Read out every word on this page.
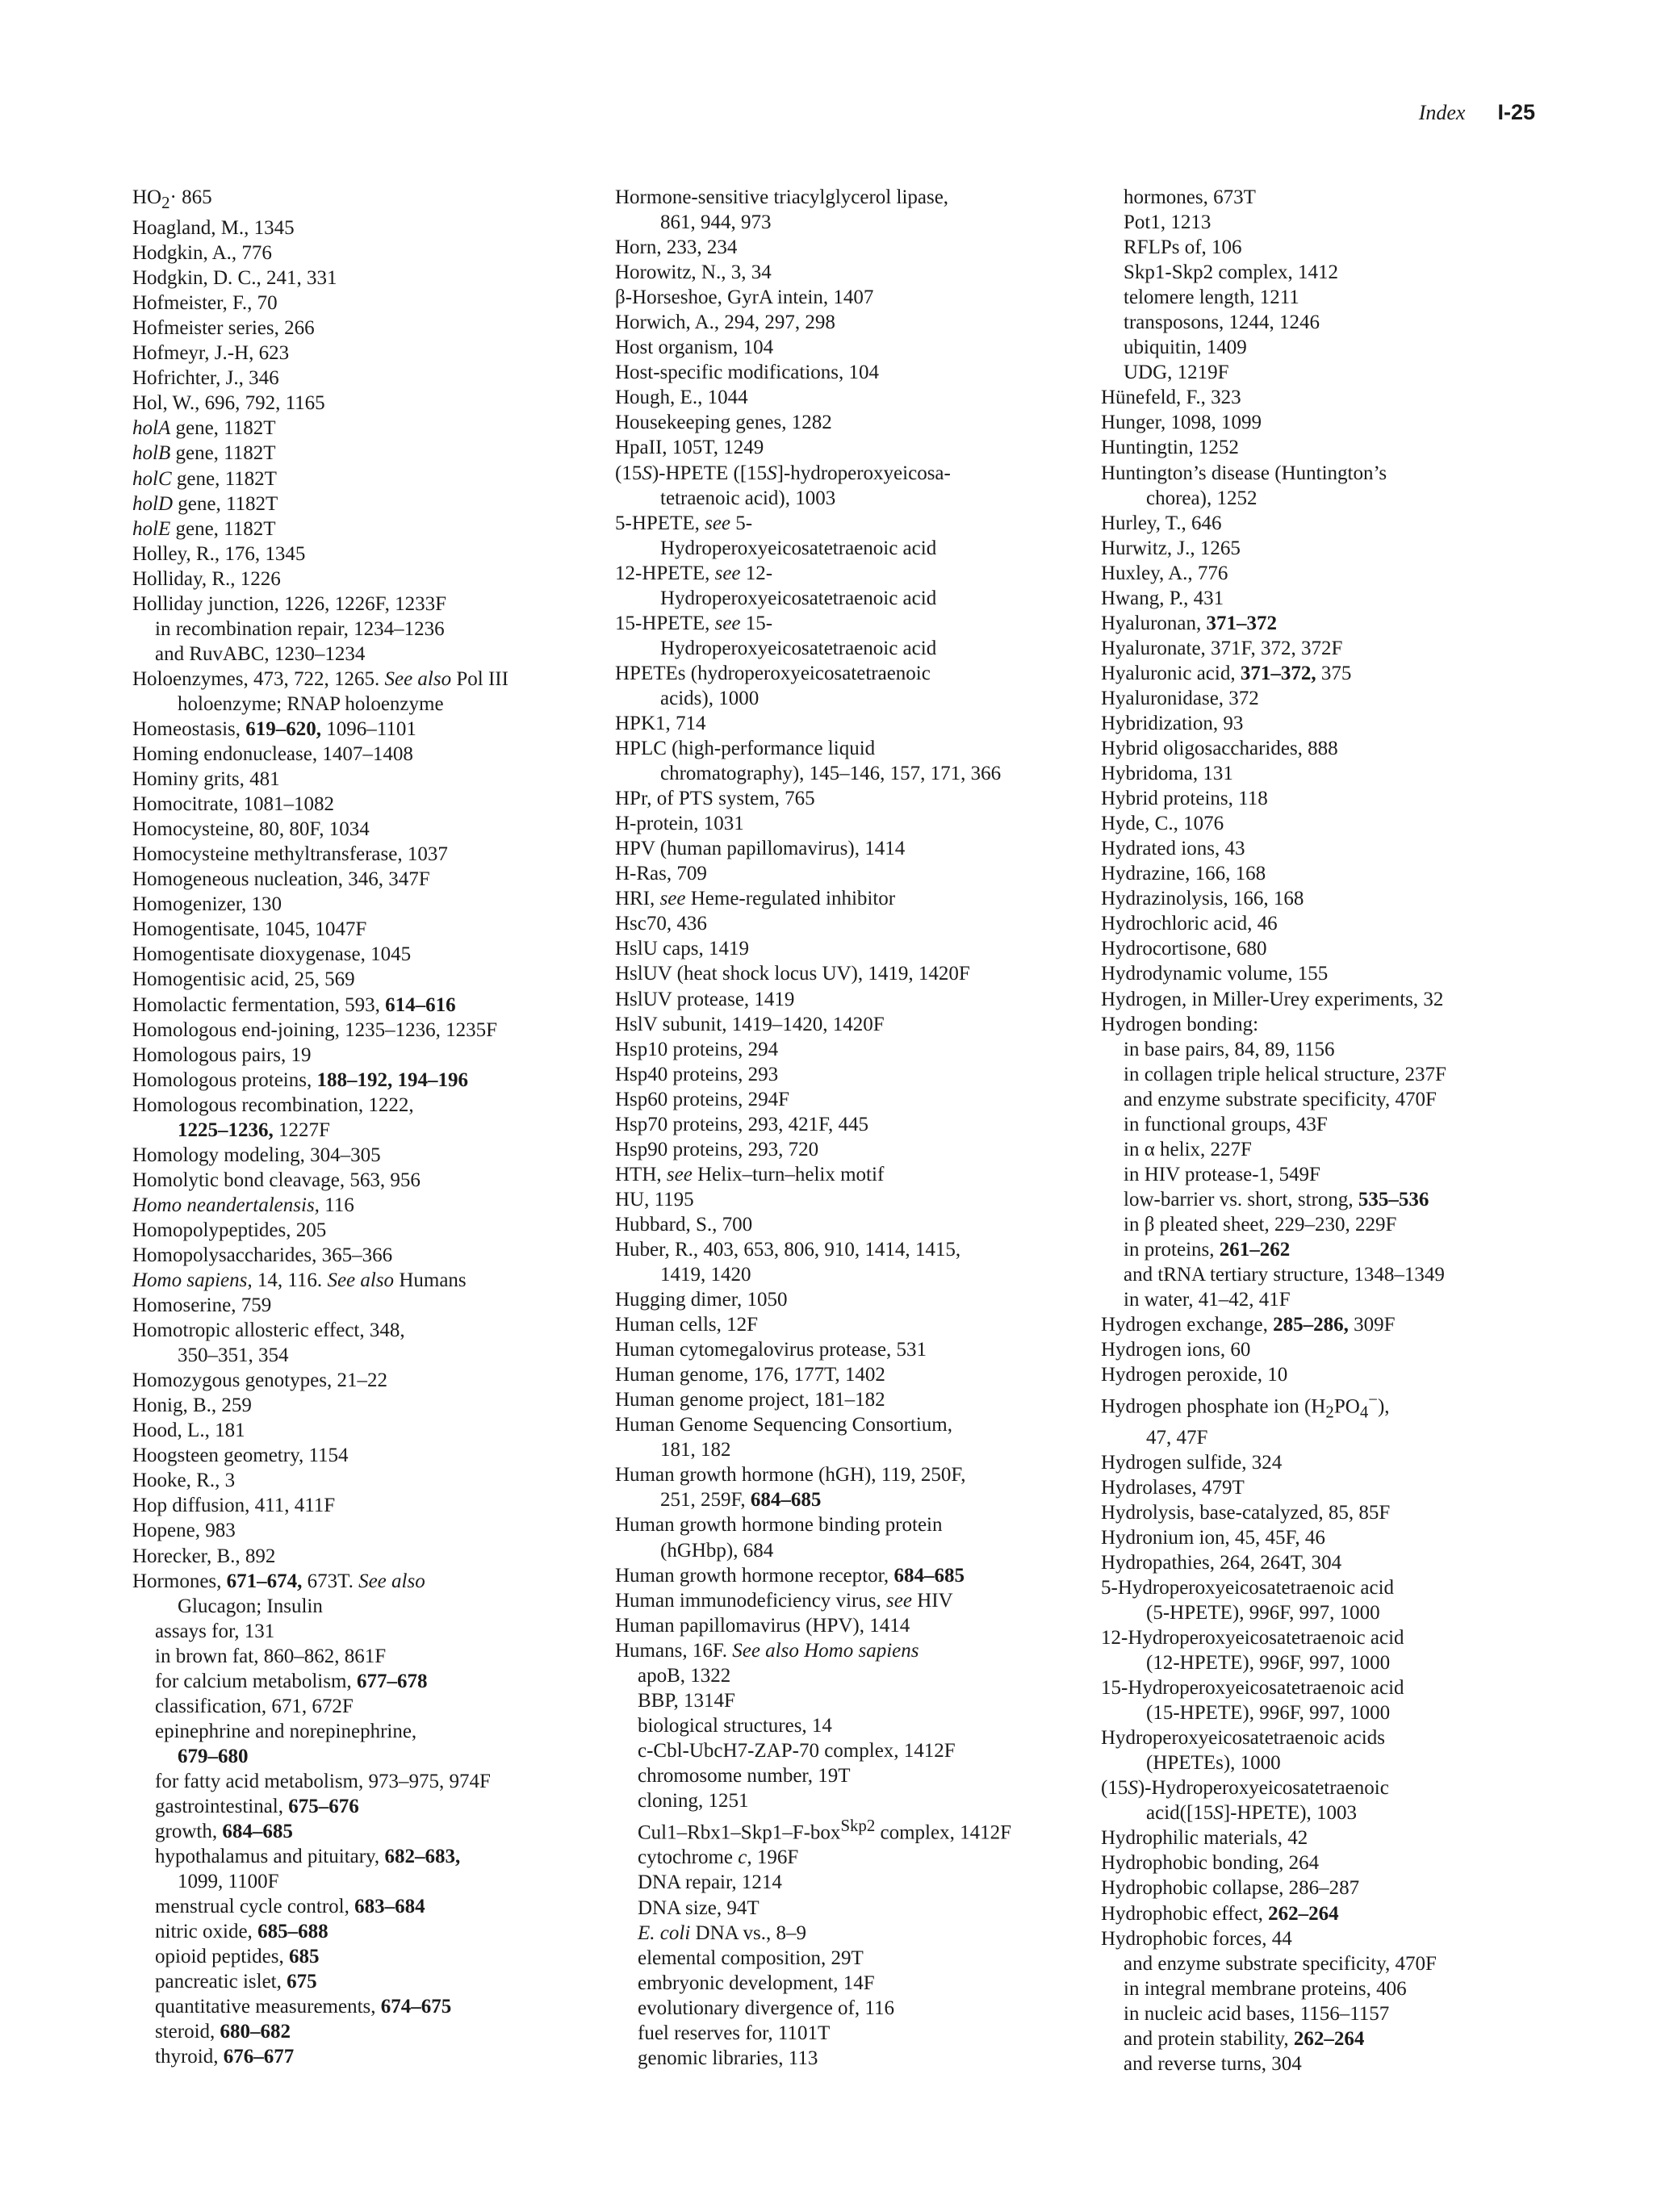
Index I-25
$HO_2\cdot 865$
Hoagland, M., 1345
Hodgkin, A., 776
Hodgkin, D. C., 241, 331
Hofmeister, F., 70
Hofmeister series, 266
Hofmeyr, J.-H, 623
Hofrichter, J., 346
Hol, W., 696, 792, 1165
holA gene, 1182T
holB gene, 1182T
holC gene, 1182T
holD gene, 1182T
holE gene, 1182T
Holley, R., 176, 1345
Holliday, R., 1226
Holliday junction, 1226, 1226F, 1233F
in recombination repair, 1234–1236
and RuvABC, 1230–1234
Holoenzymes, 473, 722, 1265. See also Pol III
holoenzyme; RNAP holoenzyme
Homeostasis, 619–620, 1096–1101
Homing endonuclease, 1407–1408
Hominy grits, 481
Homocitrate, 1081–1082
Homocysteine, 80, 80F, 1034
Homocysteine methyltransferase, 1037
Homogeneous nucleation, 346, 347F
Homogenizer, 130
Homogentisate, 1045, 1047F
Homogentisate dioxygenase, 1045
Homogentisic acid, 25, 569
Homolactic fermentation, 593, 614–616
Homologous end-joining, 1235–1236, 1235F
Homologous pairs, 19
Homologous proteins, 188–192, 194–196
Homologous recombination, 1222,
1225–1236, 1227F
Homology modeling, 304–305
Homolytic bond cleavage, 563, 956
Homo neandertalensis, 116
Homopolypeptides, 205
Homopolysaccharides, 365–366
Homo sapiens, 14, 116. See also Humans
Homoserine, 759
Homotropic allosteric effect, 348,
350–351, 354
Homozygous genotypes, 21–22
Honig, B., 259
Hood, L., 181
Hoogsteen geometry, 1154
Hooke, R., 3
Hop diffusion, 411, 411F
Hopene, 983
Horecker, B., 892
Hormones, 671–674, 673T. See also
Glucagon; Insulin
assays for, 131
in brown fat, 860–862, 861F
for calcium metabolism, 677–678
classification, 671, 672F
epinephrine and norepinephrine,
679–680
for fatty acid metabolism, 973–975, 974F
gastrointestinal, 675–676
growth, 684–685
hypothalamus and pituitary, 682–683,
1099, 1100F
menstrual cycle control, 683–684
nitric oxide, 685–688
opioid peptides, 685
pancreatic islet, 675
quantitative measurements, 674–675
steroid, 680–682
thyroid, 676–677
Hormone-sensitive triacylglycerol lipase,
861, 944, 973
Horn, 233, 234
Horowitz, N., 3, 34
β-Horseshoe, GyrA intein, 1407
Horwich, A., 294, 297, 298
Host organism, 104
Host-specific modifications, 104
Hough, E., 1044
Housekeeping genes, 1282
HpaII, 105T, 1249
(15S)-HPETE ([15S]-hydroperoxyeicosa-
tetraenoic acid), 1003
5-HPETE, see 5-
Hydroperoxyeicosatetraenoic acid
12-HPETE, see 12-
Hydroperoxyeicosatetraenoic acid
15-HPETE, see 15-
Hydroperoxyeicosatetraenoic acid
HPETEs (hydroperoxyeicosatetraenoic
acids), 1000
HPK1, 714
HPLC (high-performance liquid
chromatography), 145–146, 157, 171, 366
HPr, of PTS system, 765
H-protein, 1031
HPV (human papillomavirus), 1414
H-Ras, 709
HRI, see Heme-regulated inhibitor
Hsc70, 436
HslU caps, 1419
HslUV (heat shock locus UV), 1419, 1420F
HslUV protease, 1419
HslV subunit, 1419–1420, 1420F
Hsp10 proteins, 294
Hsp40 proteins, 293
Hsp60 proteins, 294F
Hsp70 proteins, 293, 421F, 445
Hsp90 proteins, 293, 720
HTH, see Helix–turn–helix motif
HU, 1195
Hubbard, S., 700
Huber, R., 403, 653, 806, 910, 1414, 1415,
1419, 1420
Hugging dimer, 1050
Human cells, 12F
Human cytomegalovirus protease, 531
Human genome, 176, 177T, 1402
Human genome project, 181–182
Human Genome Sequencing Consortium,
181, 182
Human growth hormone (hGH), 119, 250F,
251, 259F, 684–685
Human growth hormone binding protein
(hGHbp), 684
Human growth hormone receptor, 684–685
Human immunodeficiency virus, see HIV
Human papillomavirus (HPV), 1414
Humans, 16F. See also Homo sapiens
apoB, 1322
BBP, 1314F
biological structures, 14
c-Cbl-UbcH7-ZAP-70 complex, 1412F
chromosome number, 19T
cloning, 1251
Cul1–Rbx1–Skp1–F-box$^{Skp2}$ complex, 1412F
cytochrome c, 196F
DNA repair, 1214
DNA size, 94T
E. coli DNA vs., 8–9
elemental composition, 29T
embryonic development, 14F
evolutionary divergence of, 116
fuel reserves for, 1101T
genomic libraries, 113
hormones, 673T
Pot1, 1213
RFLPs of, 106
Skp1-Skp2 complex, 1412
telomere length, 1211
transposons, 1244, 1246
ubiquitin, 1409
UDG, 1219F
Hünefeld, F., 323
Hunger, 1098, 1099
Huntingtin, 1252
Huntington’s disease (Huntington’s
chorea), 1252
Hurley, T., 646
Hurwitz, J., 1265
Huxley, A., 776
Hwang, P., 431
Hyaluronan, 371–372
Hyaluronate, 371F, 372, 372F
Hyaluronic acid, 371–372, 375
Hyaluronidase, 372
Hybridization, 93
Hybrid oligosaccharides, 888
Hybridoma, 131
Hybrid proteins, 118
Hyde, C., 1076
Hydrated ions, 43
Hydrazine, 166, 168
Hydrazinolysis, 166, 168
Hydrochloric acid, 46
Hydrocortisone, 680
Hydrodynamic volume, 155
Hydrogen, in Miller-Urey experiments, 32
Hydrogen bonding:
in base pairs, 84, 89, 1156
in collagen triple helical structure, 237F
and enzyme substrate specificity, 470F
in functional groups, 43F
in α helix, 227F
in HIV protease-1, 549F
low-barrier vs. short, strong, 535–536
in β pleated sheet, 229–230, 229F
in proteins, 261–262
and tRNA tertiary structure, 1348–1349
in water, 41–42, 41F
Hydrogen exchange, 285–286, 309F
Hydrogen ions, 60
Hydrogen peroxide, 10
Hydrogen phosphate ion $(H_2PO_4^-)$,
47, 47F
Hydrogen sulfide, 324
Hydrolases, 479T
Hydrolysis, base-catalyzed, 85, 85F
Hydronium ion, 45, 45F, 46
Hydropathies, 264, 264T, 304
5-Hydroperoxyeicosatetraenoic acid
(5-HPETE), 996F, 997, 1000
12-Hydroperoxyeicosatetraenoic acid
(12-HPETE), 996F, 997, 1000
15-Hydroperoxyeicosatetraenoic acid
(15-HPETE), 996F, 997, 1000
Hydroperoxyeicosatetraenoic acids
(HPETEs), 1000
(15S)-Hydroperoxyeicosatetraenoic
acid([15S]-HPETE), 1003
Hydrophilic materials, 42
Hydrophobic bonding, 264
Hydrophobic collapse, 286–287
Hydrophobic effect, 262–264
Hydrophobic forces, 44
and enzyme substrate specificity, 470F
in integral membrane proteins, 406
in nucleic acid bases, 1156–1157
and protein stability, 262–264
and reverse turns, 304
